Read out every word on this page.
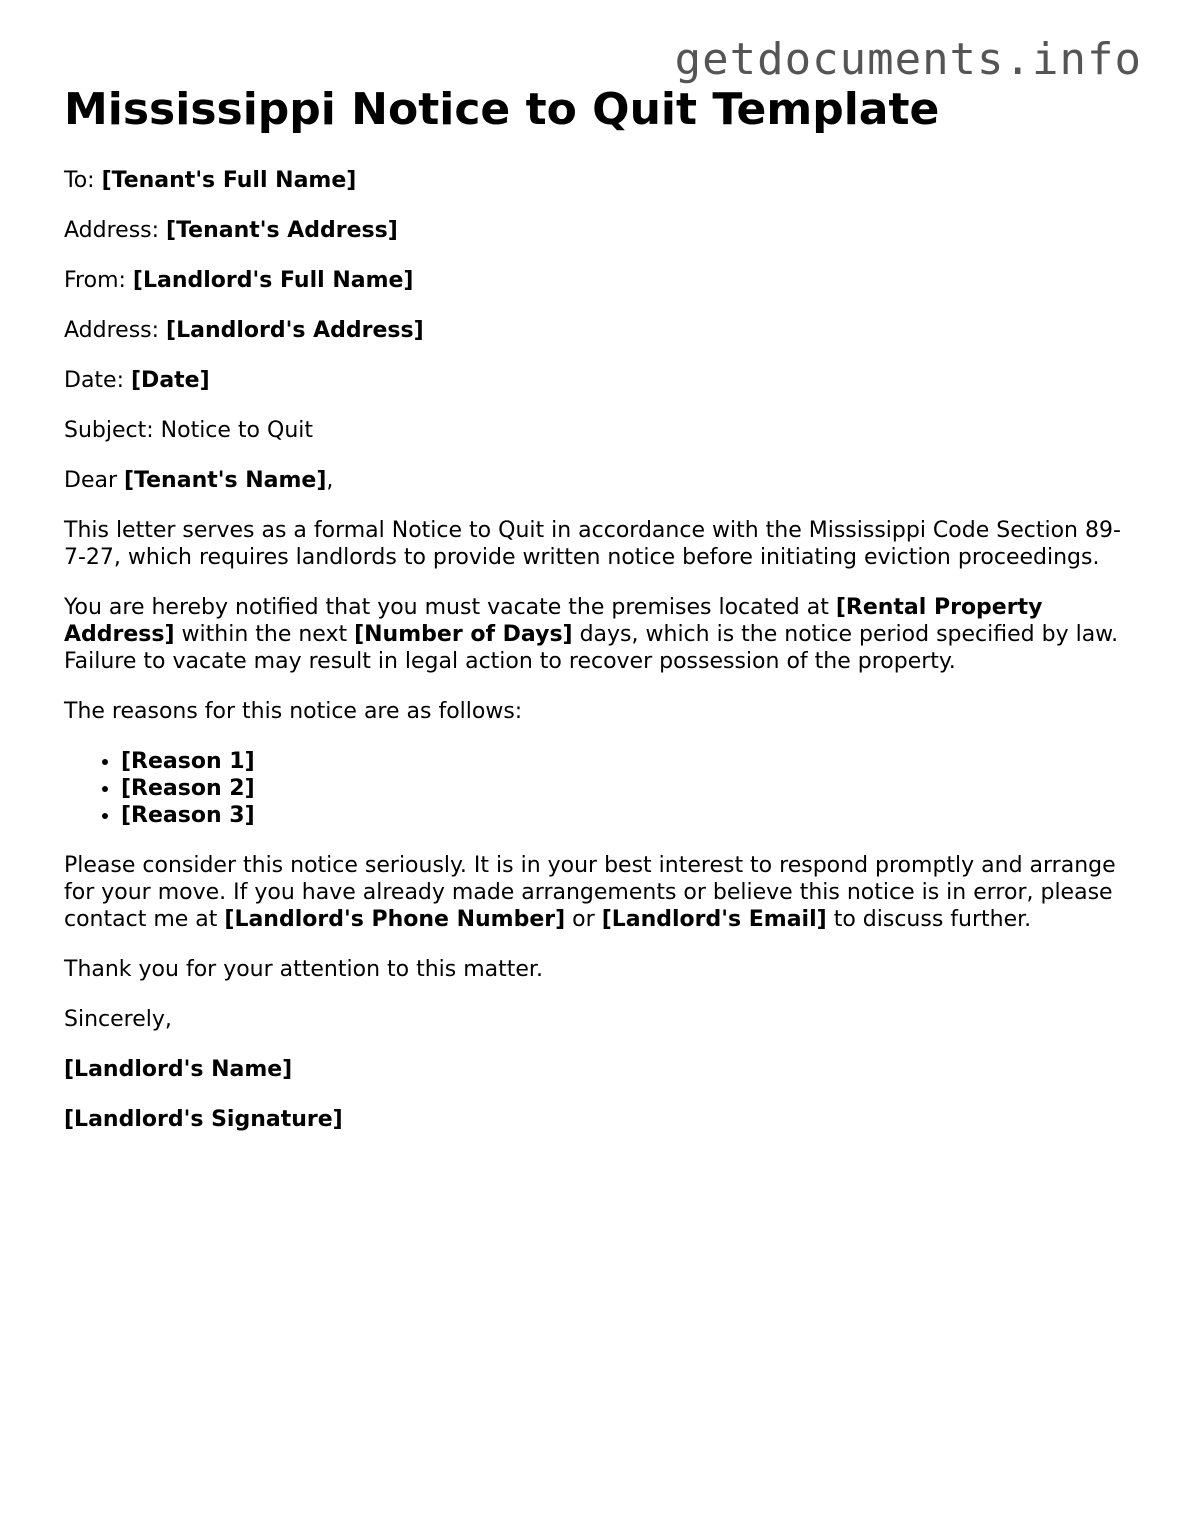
getdocuments.info
Mississippi Notice to Quit Template

To: [Tenant's Full Name]

Address: [Tenant's Address]

From: [Landlord's Full Name]

Address: [Landlord's Address]

Date: [Date]

Subject: Notice to Quit

Dear [Tenant's Name],

This letter serves as a formal Notice to Quit in accordance with the Mississippi Code Section 89-7-27, which requires landlords to provide written notice before initiating eviction proceedings.

You are hereby notified that you must vacate the premises located at [Rental Property Address] within the next [Number of Days] days, which is the notice period specified by law. Failure to vacate may result in legal action to recover possession of the property.

The reasons for this notice are as follows:

• [Reason 1]
• [Reason 2]
• [Reason 3]

Please consider this notice seriously. It is in your best interest to respond promptly and arrange for your move. If you have already made arrangements or believe this notice is in error, please contact me at [Landlord's Phone Number] or [Landlord's Email] to discuss further.

Thank you for your attention to this matter.

Sincerely,

[Landlord's Name]

[Landlord's Signature]
